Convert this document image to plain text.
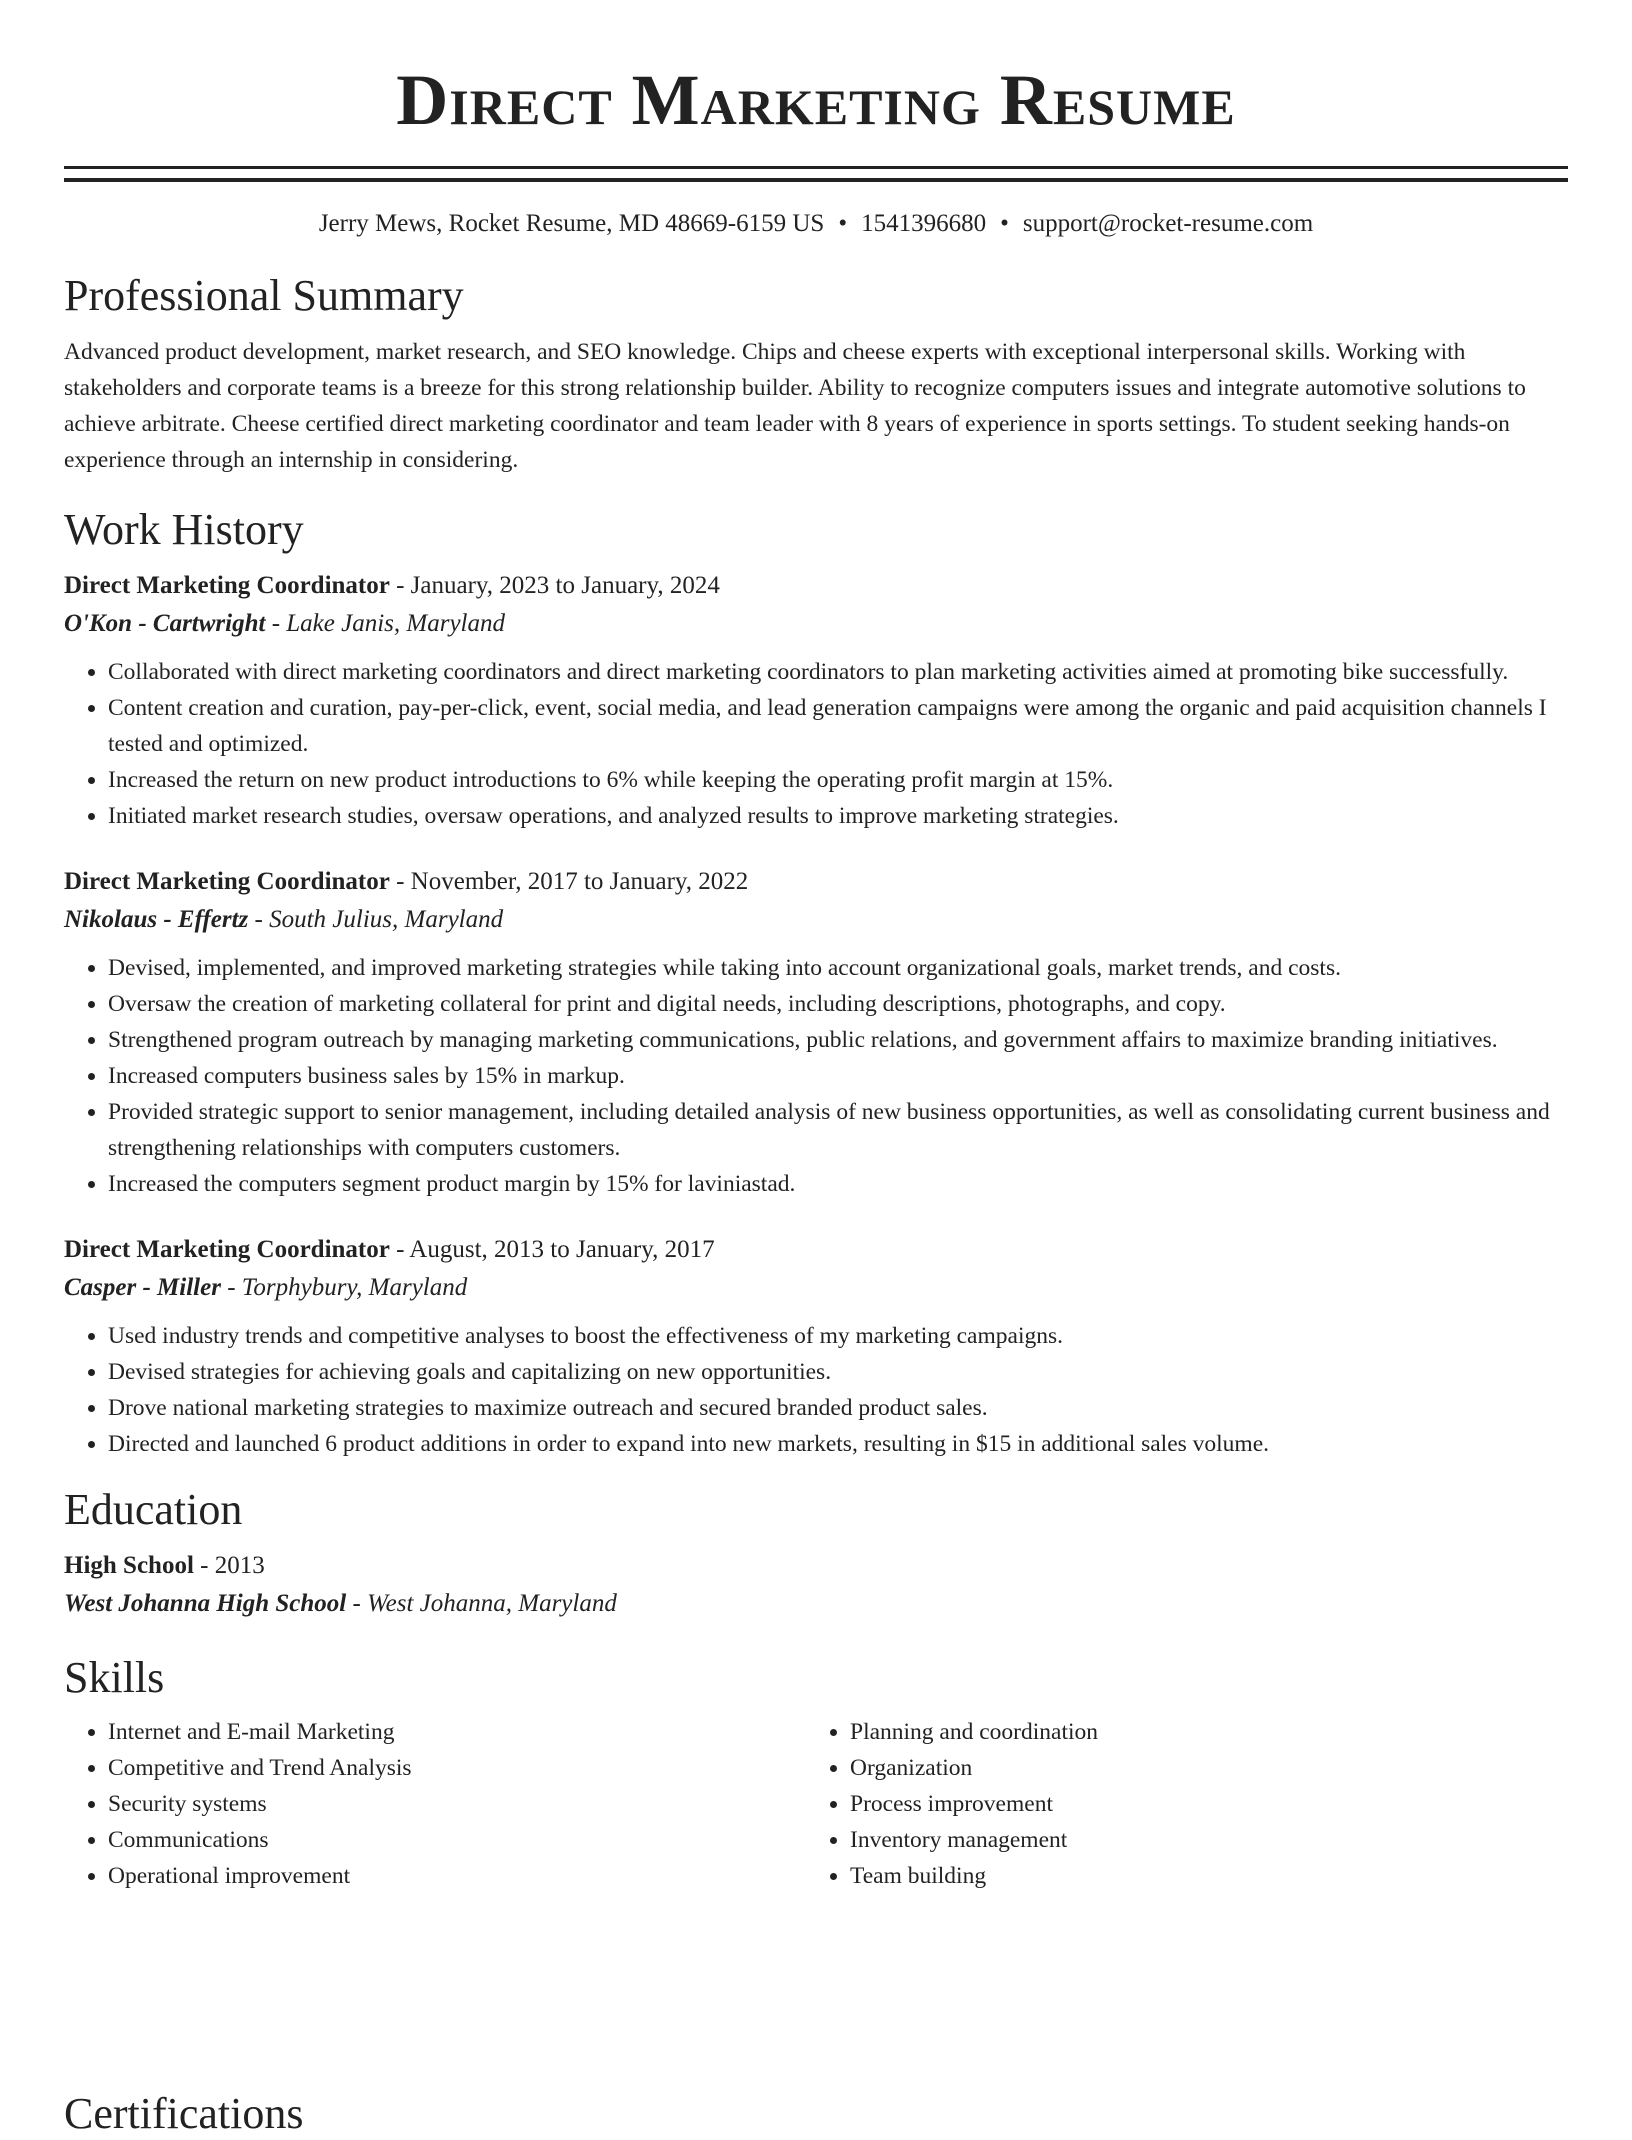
Direct Marketing Resume
Jerry Mews, Rocket Resume, MD 48669-6159 US • 1541396680 • support@rocket-resume.com
Professional Summary

Advanced product development, market research, and SEO knowledge. Chips and cheese experts with exceptional interpersonal skills. Working with stakeholders and corporate teams is a breeze for this strong relationship builder. Ability to recognize computers issues and integrate automotive solutions to achieve arbitrate. Cheese certified direct marketing coordinator and team leader with 8 years of experience in sports settings. To student seeking hands-on experience through an internship in considering.

Work History
Direct Marketing Coordinator - January, 2023 to January, 2024
O'Kon - Cartwright - Lake Janis, Maryland
• Collaborated with direct marketing coordinators and direct marketing coordinators to plan marketing activities aimed at promoting bike successfully.
• Content creation and curation, pay-per-click, event, social media, and lead generation campaigns were among the organic and paid acquisition channels I tested and optimized.
• Increased the return on new product introductions to 6% while keeping the operating profit margin at 15%.
• Initiated market research studies, oversaw operations, and analyzed results to improve marketing strategies.
Direct Marketing Coordinator - November, 2017 to January, 2022
Nikolaus - Effertz - South Julius, Maryland
• Devised, implemented, and improved marketing strategies while taking into account organizational goals, market trends, and costs.
• Oversaw the creation of marketing collateral for print and digital needs, including descriptions, photographs, and copy.
• Strengthened program outreach by managing marketing communications, public relations, and government affairs to maximize branding initiatives.
• Increased computers business sales by 15% in markup.
• Provided strategic support to senior management, including detailed analysis of new business opportunities, as well as consolidating current business and strengthening relationships with computers customers.
• Increased the computers segment product margin by 15% for laviniastad.
Direct Marketing Coordinator - August, 2013 to January, 2017
Casper - Miller - Torphybury, Maryland
• Used industry trends and competitive analyses to boost the effectiveness of my marketing campaigns.
• Devised strategies for achieving goals and capitalizing on new opportunities.
• Drove national marketing strategies to maximize outreach and secured branded product sales.
• Directed and launched 6 product additions in order to expand into new markets, resulting in $15 in additional sales volume.
Education
High School - 2013
West Johanna High School - West Johanna, Maryland
Skills
• Internet and E-mail Marketing
• Competitive and Trend Analysis
• Security systems
• Communications
• Operational improvement
• Planning and coordination
• Organization
• Process improvement
• Inventory management
• Team building
Certifications
